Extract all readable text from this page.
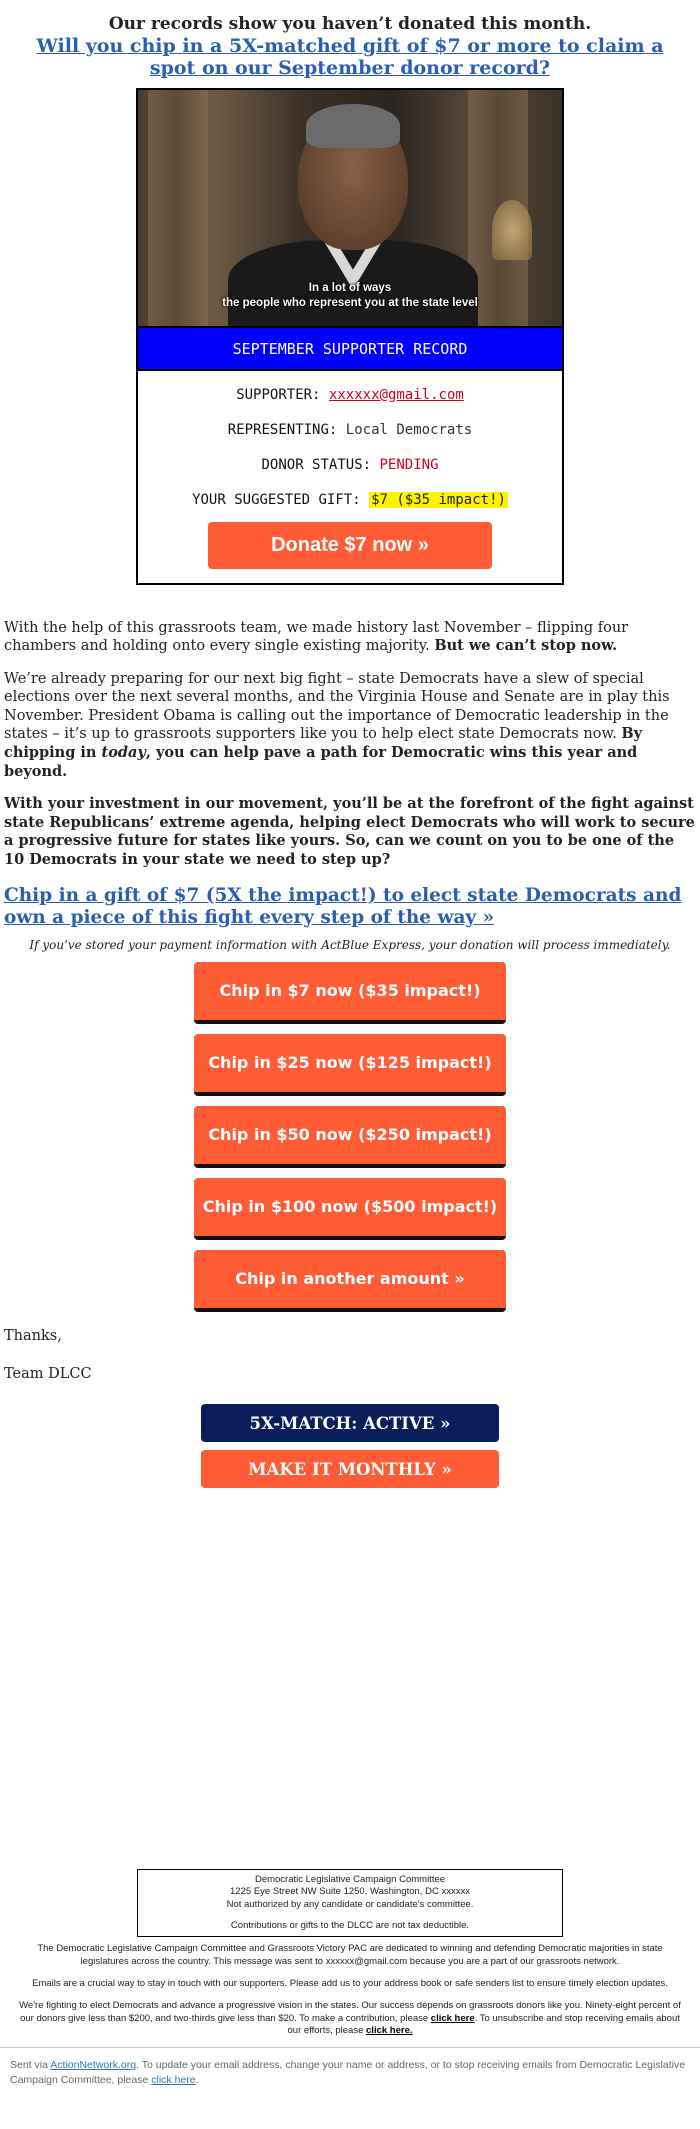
Our records show you haven’t donated this month.
Will you chip in a 5X-matched gift of $7 or more to claim a spot on our September donor record?
In a lot of ways
the people who represent you at the state level
SEPTEMBER SUPPORTER RECORD
SUPPORTER: xxxxxx@gmail.com
REPRESENTING: Local Democrats
DONOR STATUS: PENDING
YOUR SUGGESTED GIFT: $7 ($35 impact!)
Donate $7 now »

With the help of this grassroots team, we made history last November – flipping four chambers and holding onto every single existing majority. But we can’t stop now.

We’re already preparing for our next big fight – state Democrats have a slew of special elections over the next several months, and the Virginia House and Senate are in play this November. President Obama is calling out the importance of Democratic leadership in the states – it’s up to grassroots supporters like you to help elect state Democrats now. By chipping in today, you can help pave a path for Democratic wins this year and beyond.

With your investment in our movement, you’ll be at the forefront of the fight against state Republicans’ extreme agenda, helping elect Democrats who will work to secure a progressive future for states like yours. So, can we count on you to be one of the 10 Democrats in your state we need to step up?

Chip in a gift of $7 (5X the impact!) to elect state Democrats and own a piece of this fight every step of the way »
If you’ve stored your payment information with ActBlue Express, your donation will process immediately.
Chip in $7 now ($35 impact!)
Chip in $25 now ($125 impact!)
Chip in $50 now ($250 impact!)
Chip in $100 now ($500 impact!)
Chip in another amount »

Thanks,

Team DLCC

5X-MATCH: ACTIVE »
MAKE IT MONTHLY »
Democratic Legislative Campaign Committee
1225 Eye Street NW Suite 1250, Washington, DC xxxxxx
Not authorized by any candidate or candidate's committee.
Contributions or gifts to the DLCC are not tax deductible.
The Democratic Legislative Campaign Committee and Grassroots Victory PAC are dedicated to winning and defending Democratic majorities in state legislatures across the country. This message was sent to xxxxxx@gmail.com because you are a part of our grassroots network.
Emails are a crucial way to stay in touch with our supporters. Please add us to your address book or safe senders list to ensure timely election updates.
We're fighting to elect Democrats and advance a progressive vision in the states. Our success depends on grassroots donors like you. Ninety-eight percent of our donors give less than $200, and two-thirds give less than $20. To make a contribution, please click here. To unsubscribe and stop receiving emails about our efforts, please click here.
Sent via ActionNetwork.org. To update your email address, change your name or address, or to stop receiving emails from Democratic Legislative Campaign Committee, please click here.
